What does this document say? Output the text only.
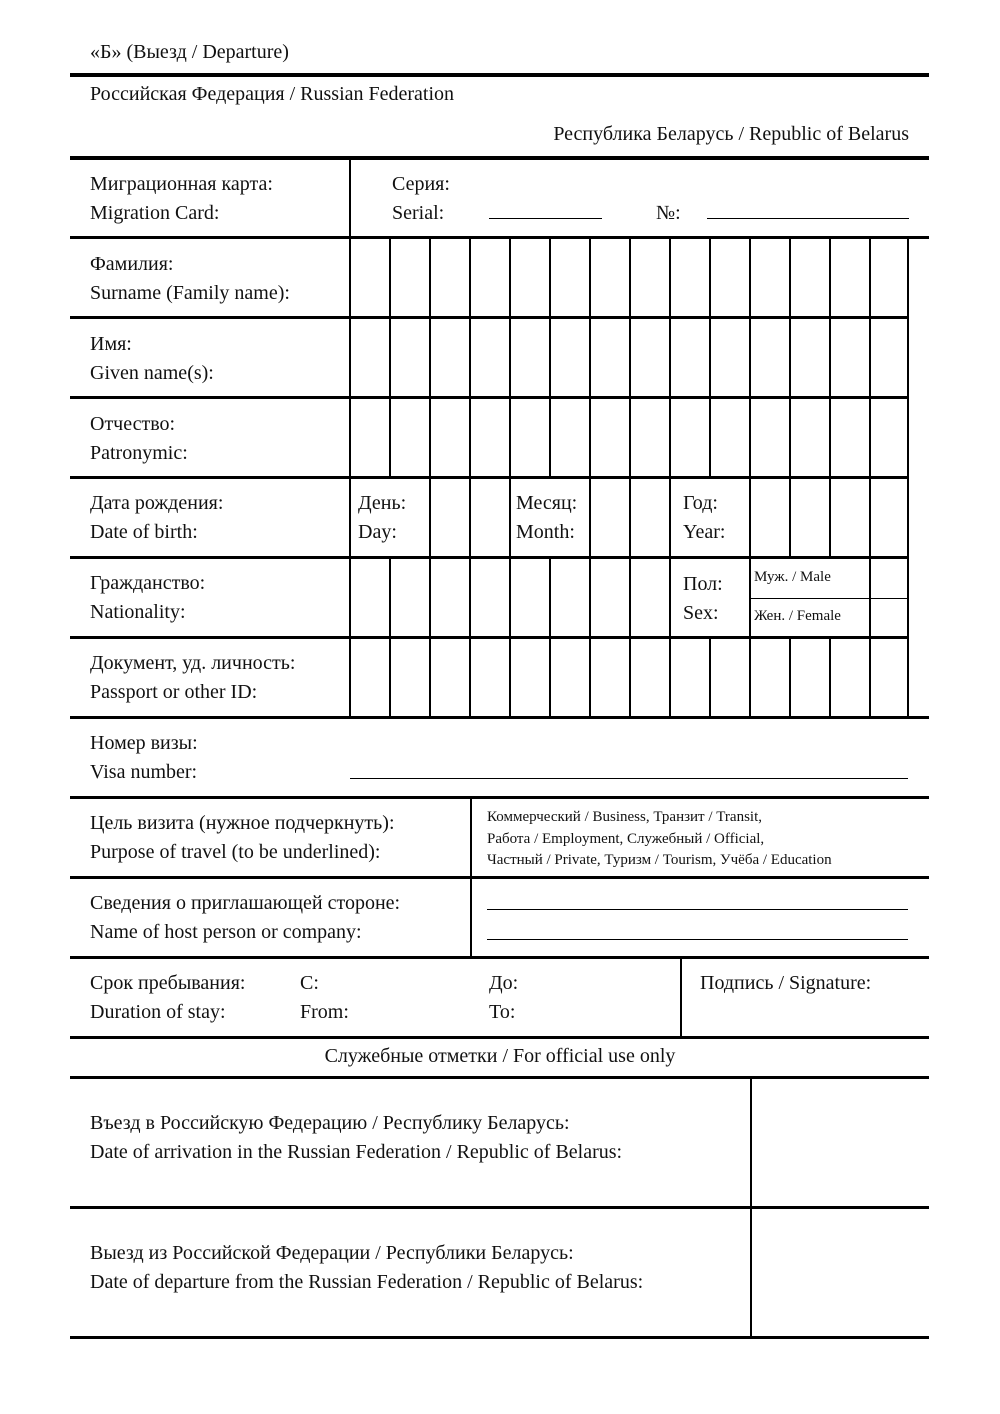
«Б» (Выезд / Departure)
Российская Федерация / Russian Federation
Республика Беларусь / Republic of Belarus
Миграционная карта:
Migration Card:
Серия:
Serial:	№:
Фамилия:
Surname (Family name):
Имя:
Given name(s):
Отчество:
Patronymic:
Дата рождения:
Date of birth:
День:
Day:
Месяц:
Month:
Год:
Year:
Гражданство:
Nationality:
Пол:
Sex:
Муж. / Male
Жен. / Female
Документ, уд. личность:
Passport or other ID:
Номер визы:
Visa number:
Цель визита (нужное подчеркнуть):
Purpose of travel (to be underlined):
Коммерческий / Business, Транзит / Transit,
Работа / Employment, Служебный / Official,
Частный / Private, Туризм / Tourism, Учёба / Education
Сведения о приглашающей стороне:
Name of host person or company:
Срок пребывания:
Duration of stay:
С:
From:
До:
To:
Подпись / Signature:
Служебные отметки / For official use only
Въезд в Российскую Федерацию / Республику Беларусь:
Date of arrivation in the Russian Federation / Republic of Belarus:
Выезд из Российской Федерации / Республики Беларусь:
Date of departure from the Russian Federation / Republic of Belarus:
